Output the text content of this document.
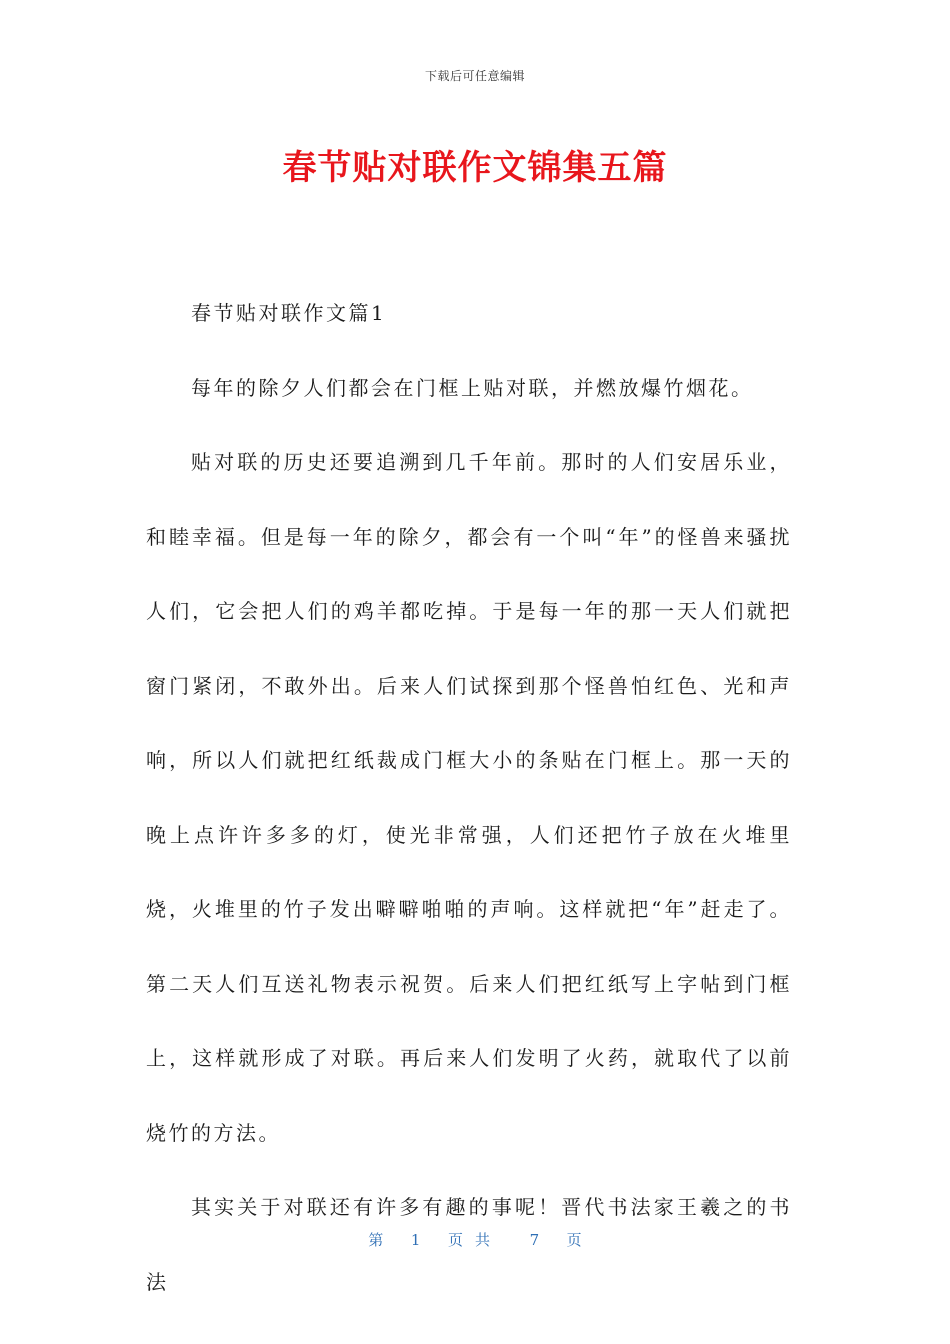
下载后可任意编辑
春节贴对联作文锦集五篇

春节贴对联作文篇1

每年的除夕人们都会在门框上贴对联，并燃放爆竹烟花。

贴对联的历史还要追溯到几千年前。那时的人们安居乐业，和睦幸福。但是每一年的除夕，都会有一个叫“年”的怪兽来骚扰人们，它会把人们的鸡羊都吃掉。于是每一年的那一天人们就把窗门紧闭，不敢外出。后来人们试探到那个怪兽怕红色、光和声响，所以人们就把红纸裁成门框大小的条贴在门框上。那一天的晚上点许许多多的灯，使光非常强，人们还把竹子放在火堆里烧，火堆里的竹子发出噼噼啪啪的声响。这样就把“年”赶走了。第二天人们互送礼物表示祝贺。后来人们把红纸写上字帖到门框上，这样就形成了对联。再后来人们发明了火药，就取代了以前烧竹的方法。

其实关于对联还有许多有趣的事呢！晋代书法家王羲之的书法

第 1 页共 7 页
